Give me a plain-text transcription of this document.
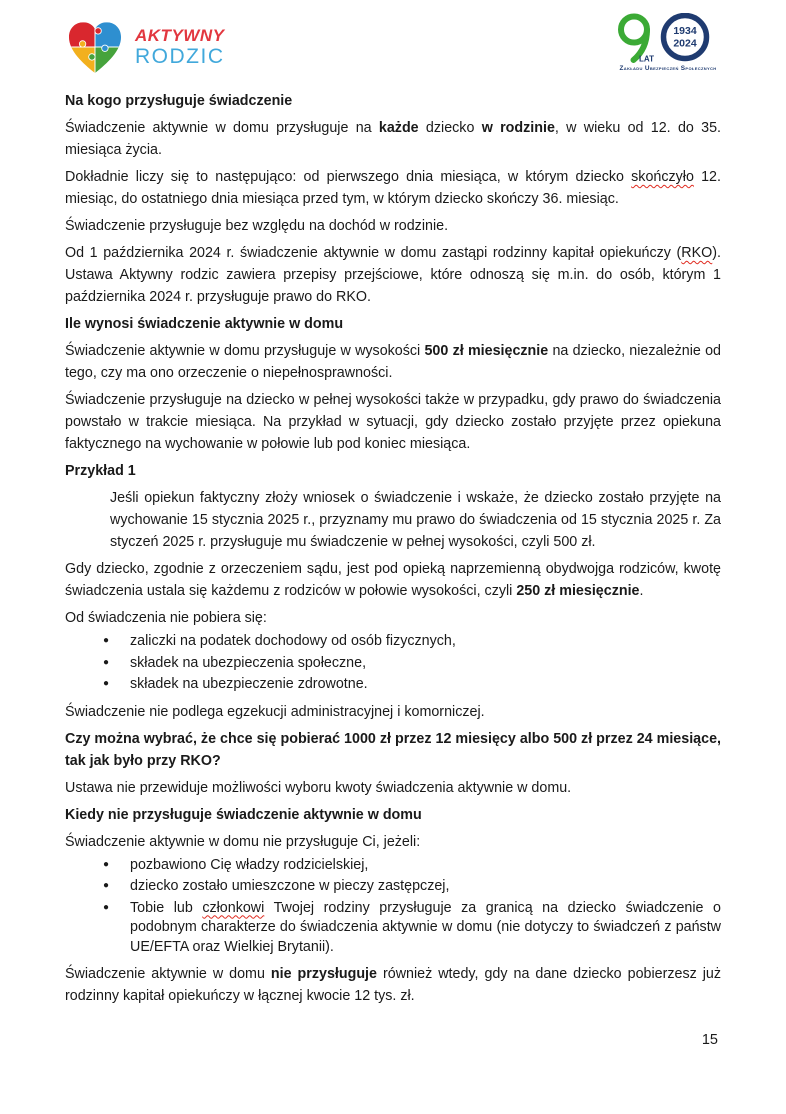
AKTYWNY
RODZIC	LAT
1934
2024
Zakładu Ubezpieczeń Społecznych

Na kogo przysługuje świadczenie

Świadczenie aktywnie w domu przysługuje na każde dziecko w rodzinie, w wieku od 12. do 35. miesiąca życia.

Dokładnie liczy się to następująco: od pierwszego dnia miesiąca, w którym dziecko skończyło 12. miesiąc, do ostatniego dnia miesiąca przed tym, w którym dziecko skończy 36. miesiąc.

Świadczenie przysługuje bez względu na dochód w rodzinie.

Od 1 października 2024 r. świadczenie aktywnie w domu zastąpi rodzinny kapitał opiekuńczy (RKO). Ustawa Aktywny rodzic zawiera przepisy przejściowe, które odnoszą się m.in. do osób, którym 1 października 2024 r. przysługuje prawo do RKO.

Ile wynosi świadczenie aktywnie w domu

Świadczenie aktywnie w domu przysługuje w wysokości 500 zł miesięcznie na dziecko, niezależnie od tego, czy ma ono orzeczenie o niepełnosprawności.

Świadczenie przysługuje na dziecko w pełnej wysokości także w przypadku, gdy prawo do świadczenia powstało w trakcie miesiąca. Na przykład w sytuacji, gdy dziecko zostało przyjęte przez opiekuna faktycznego na wychowanie w połowie lub pod koniec miesiąca.

Przykład 1

Jeśli opiekun faktyczny złoży wniosek o świadczenie i wskaże, że dziecko zostało przyjęte na wychowanie 15 stycznia 2025 r., przyznamy mu prawo do świadczenia od 15 stycznia 2025 r. Za styczeń 2025 r. przysługuje mu świadczenie w pełnej wysokości, czyli 500 zł.

Gdy dziecko, zgodnie z orzeczeniem sądu, jest pod opieką naprzemienną obydwojga rodziców, kwotę świadczenia ustala się każdemu z rodziców w połowie wysokości, czyli 250 zł miesięcznie.

Od świadczenia nie pobiera się:

● zaliczki na podatek dochodowy od osób fizycznych,
● składek na ubezpieczenia społeczne,
● składek na ubezpieczenie zdrowotne.

Świadczenie nie podlega egzekucji administracyjnej i komorniczej.

Czy można wybrać, że chce się pobierać 1000 zł przez 12 miesięcy albo 500 zł przez 24 miesiące, tak jak było przy RKO?

Ustawa nie przewiduje możliwości wyboru kwoty świadczenia aktywnie w domu.

Kiedy nie przysługuje świadczenie aktywnie w domu

Świadczenie aktywnie w domu nie przysługuje Ci, jeżeli:

● pozbawiono Cię władzy rodzicielskiej,
● dziecko zostało umieszczone w pieczy zastępczej,
● Tobie lub członkowi Twojej rodziny przysługuje za granicą na dziecko świadczenie o podobnym charakterze do świadczenia aktywnie w domu (nie dotyczy to świadczeń z państw UE/EFTA oraz Wielkiej Brytanii).

Świadczenie aktywnie w domu nie przysługuje również wtedy, gdy na dane dziecko pobierzesz już rodzinny kapitał opiekuńczy w łącznej kwocie 12 tys. zł.

15
